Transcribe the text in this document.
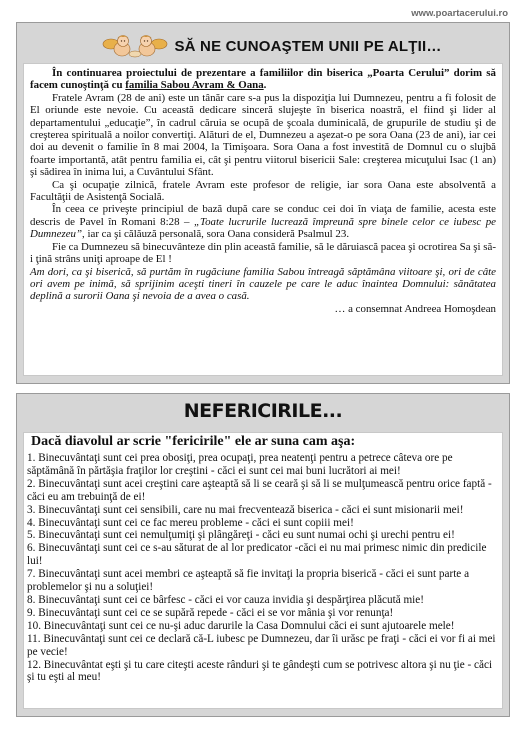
www.poartacerului.ro
SĂ NE CUNOAŞTEM UNII PE ALŢII…

În continuarea proiectului de prezentare a familiilor din biserica „Poarta Cerului” dorim să facem cunoştinţă cu familia Sabou Avram & Oana.

Fratele Avram (28 de ani) este un tânăr care s-a pus la dispoziţia lui Dumnezeu, pentru a fi folosit de El oriunde este nevoie. Cu această dedicare sinceră slujeşte în biserica noastră, el fiind şi lider al departamentului „educaţie”, în cadrul căruia se ocupă de şcoala duminicală, de grupurile de studiu şi de creşterea spirituală a noilor convertiţi. Alături de el, Dumnezeu a aşezat-o pe sora Oana (23 de ani), iar cei doi au devenit o familie în 8 mai 2004, la Timişoara. Sora Oana a fost investită de Domnul cu o slujbă foarte importantă, atât pentru familia ei, cât şi pentru viitorul bisericii Sale: creşterea micuţului Isac (1 an) şi sădirea în inima lui, a Cuvântului Sfânt.

Ca şi ocupaţie zilnică, fratele Avram este profesor de religie, iar sora Oana este absolventă a Facultăţii de Asistenţă Socială.

În ceea ce priveşte principiul de bază după care se conduc cei doi în viaţa de familie, acesta este descris de Pavel în Romani 8:28 – „Toate lucrurile lucrează împreună spre binele celor ce iubesc pe Dumnezeu”, iar ca şi călăuză personală, sora Oana consideră Psalmul 23.

Fie ca Dumnezeu să binecuvânteze din plin această familie, să le dăruiască pacea şi ocrotirea Sa şi să-i ţină strâns uniţi aproape de El !

Am dori, ca şi biserică, să purtăm în rugăciune familia Sabou întreagă săptămâna viitoare şi, ori de câte ori avem pe inimă, să sprijinim aceşti tineri în cauzele pe care le aduc înaintea Domnului: sănătatea deplină a surorii Oana şi nevoia de a avea o casă.

… a consemnat Andreea Homoşdean

NEFERICIRILE...

Dacă diavolul ar scrie "fericirile" ele ar suna cam aşa:

1. Binecuvântaţi sunt cei prea obosiţi, prea ocupaţi, prea neatenţi pentru a petrece câteva ore pe săptămână în părtăşia fraţilor lor creştini - căci ei sunt cei mai buni lucrători ai mei!

2. Binecuvântaţi sunt acei creştini care aşteaptă să li se ceară şi să li se mulţumească pentru orice faptă - căci eu am trebuinţă de ei!

3. Binecuvântaţi sunt cei sensibili, care nu mai frecventează biserica - căci ei sunt misionarii mei!

4. Binecuvântaţi sunt cei ce fac mereu probleme - căci ei sunt copiii mei!

5. Binecuvântaţi sunt cei nemulţumiţi şi plângăreţi - căci eu sunt numai ochi şi urechi pentru ei!

6. Binecuvântaţi sunt cei ce s-au săturat de al lor predicator -căci ei nu mai primesc nimic din predicile lui!

7. Binecuvântaţi sunt acei membri ce aşteaptă să fie invitaţi la propria biserică - căci ei sunt parte a problemelor şi nu a soluţiei!

8. Binecuvântaţi sunt cei ce bârfesc - căci ei vor cauza invidia şi despărţirea plăcută mie!

9. Binecuvântaţi sunt cei ce se supără repede - căci ei se vor mânia şi vor renunţa!

10. Binecuvântaţi sunt cei ce nu-şi aduc darurile la Casa Domnului căci ei sunt ajutoarele mele!

11. Binecuvântaţi sunt cei ce declară că-L iubesc pe Dumnezeu, dar îi urăsc pe fraţi - căci ei vor fi ai mei pe vecie!

12. Binecuvântat eşti şi tu care citeşti aceste rânduri şi te gândeşti cum se potrivesc altora şi nu ţie - căci şi tu eşti al meu!
